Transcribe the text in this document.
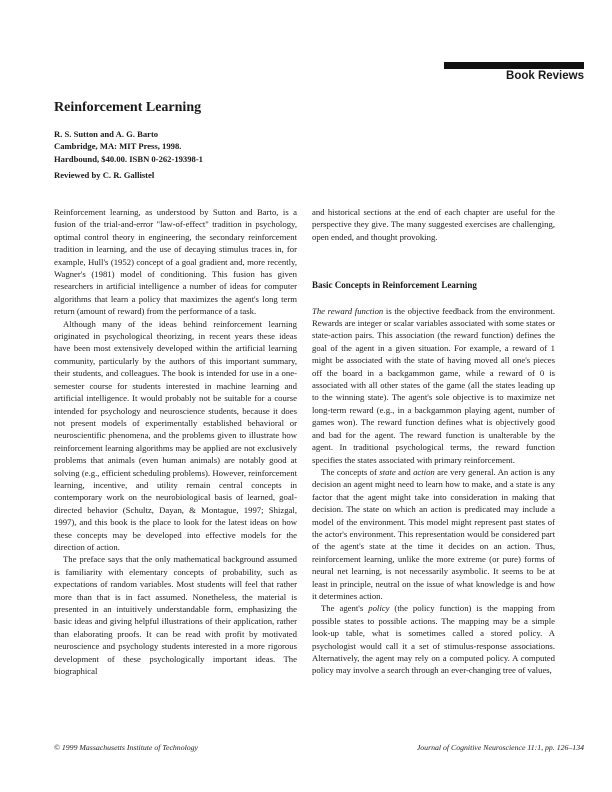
Book Reviews
Reinforcement Learning
R. S. Sutton and A. G. Barto
Cambridge, MA: MIT Press, 1998.
Hardbound, $40.00. ISBN 0-262-19398-1
Reviewed by C. R. Gallistel

Reinforcement learning, as understood by Sutton and Barto, is a fusion of the trial-and-error "law-of-effect" tradition in psychology, optimal control theory in engineering, the secondary reinforcement tradition in learning, and the use of decaying stimulus traces in, for example, Hull's (1952) concept of a goal gradient and, more recently, Wagner's (1981) model of conditioning. This fusion has given researchers in artificial intelligence a number of ideas for computer algorithms that learn a policy that maximizes the agent's long term return (amount of reward) from the performance of a task.

Although many of the ideas behind reinforcement learning originated in psychological theorizing, in recent years these ideas have been most extensively developed within the artificial learning community, particularly by the authors of this important summary, their students, and colleagues. The book is intended for use in a one-semester course for students interested in machine learning and artificial intelligence. It would probably not be suitable for a course intended for psychology and neuroscience students, because it does not present models of experimentally established behavioral or neuroscientific phenomena, and the problems given to illustrate how reinforcement learning algorithms may be applied are not exclusively problems that animals (even human animals) are notably good at solving (e.g., efficient scheduling problems). However, reinforcement learning, incentive, and utility remain central concepts in contemporary work on the neurobiological basis of learned, goal-directed behavior (Schultz, Dayan, & Montague, 1997; Shizgal, 1997), and this book is the place to look for the latest ideas on how these concepts may be developed into effective models for the direction of action.

The preface says that the only mathematical background assumed is familiarity with elementary concepts of probability, such as expectations of random variables. Most students will feel that rather more than that is in fact assumed. Nonetheless, the material is presented in an intuitively understandable form, emphasizing the basic ideas and giving helpful illustrations of their application, rather than elaborating proofs. It can be read with profit by motivated neuroscience and psychology students interested in a more rigorous development of these psychologically important ideas. The biographical

and historical sections at the end of each chapter are useful for the perspective they give. The many suggested exercises are challenging, open ended, and thought provoking.

Basic Concepts in Reinforcement Learning

The reward function is the objective feedback from the environment. Rewards are integer or scalar variables associated with some states or state-action pairs. This association (the reward function) defines the goal of the agent in a given situation. For example, a reward of 1 might be associated with the state of having moved all one's pieces off the board in a backgammon game, while a reward of 0 is associated with all other states of the game (all the states leading up to the winning state). The agent's sole objective is to maximize net long-term reward (e.g., in a backgammon playing agent, number of games won). The reward function defines what is objectively good and bad for the agent. The reward function is unalterable by the agent. In traditional psychological terms, the reward function specifies the states associated with primary reinforcement.

The concepts of state and action are very general. An action is any decision an agent might need to learn how to make, and a state is any factor that the agent might take into consideration in making that decision. The state on which an action is predicated may include a model of the environment. This model might represent past states of the actor's environment. This representation would be considered part of the agent's state at the time it decides on an action. Thus, reinforcement learning, unlike the more extreme (or pure) forms of neural net learning, is not necessarily asymbolic. It seems to be at least in principle, neutral on the issue of what knowledge is and how it determines action.

The agent's policy (the policy function) is the mapping from possible states to possible actions. The mapping may be a simple look-up table, what is sometimes called a stored policy. A psychologist would call it a set of stimulus-response associations. Alternatively, the agent may rely on a computed policy. A computed policy may involve a search through an ever-changing tree of values,

© 1999 Massachusetts Institute of Technology	Journal of Cognitive Neuroscience 11:1, pp. 126–134
